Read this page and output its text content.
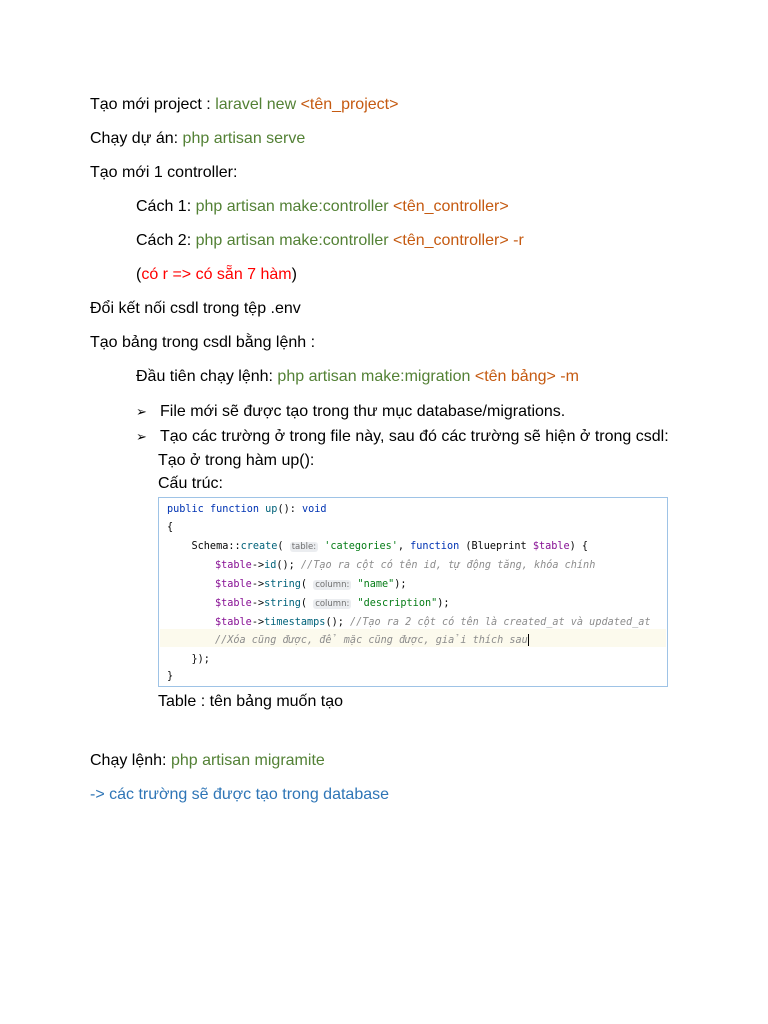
Tạo mới project : laravel new <tên_project>
Chạy dự án: php artisan serve
Tạo mới 1 controller:
Cách 1: php artisan make:controller <tên_controller>
Cách 2: php artisan make:controller <tên_controller> -r
(có r => có sẵn 7 hàm)
Đổi kết nối csdl trong tệp .env
Tạo bảng trong csdl bằng lệnh :
Đầu tiên chạy lệnh: php artisan make:migration <tên bảng> -m
➢ File mới sẽ được tạo trong thư mục database/migrations.
➢ Tạo các trường ở trong file này, sau đó các trường sẽ hiện ở trong csdl:
Tạo ở trong hàm up():
Cấu trúc:
public function up(): void
{
Schema::create( table: 'categories', function (Blueprint $table) {
$table->id(); //Tạo ra cột có tên id, tự động tăng, khóa chính
$table->string( column: "name");
$table->string( column: "description");
$table->timestamps(); //Tạo ra 2 cột có tên là created_at và updated_at
//Xóa cũng được, để mặc cũng được, giải thích sau
});
}
Table : tên bảng muốn tạo
Chạy lệnh: php artisan migramite
-> các trường sẽ được tạo trong database
